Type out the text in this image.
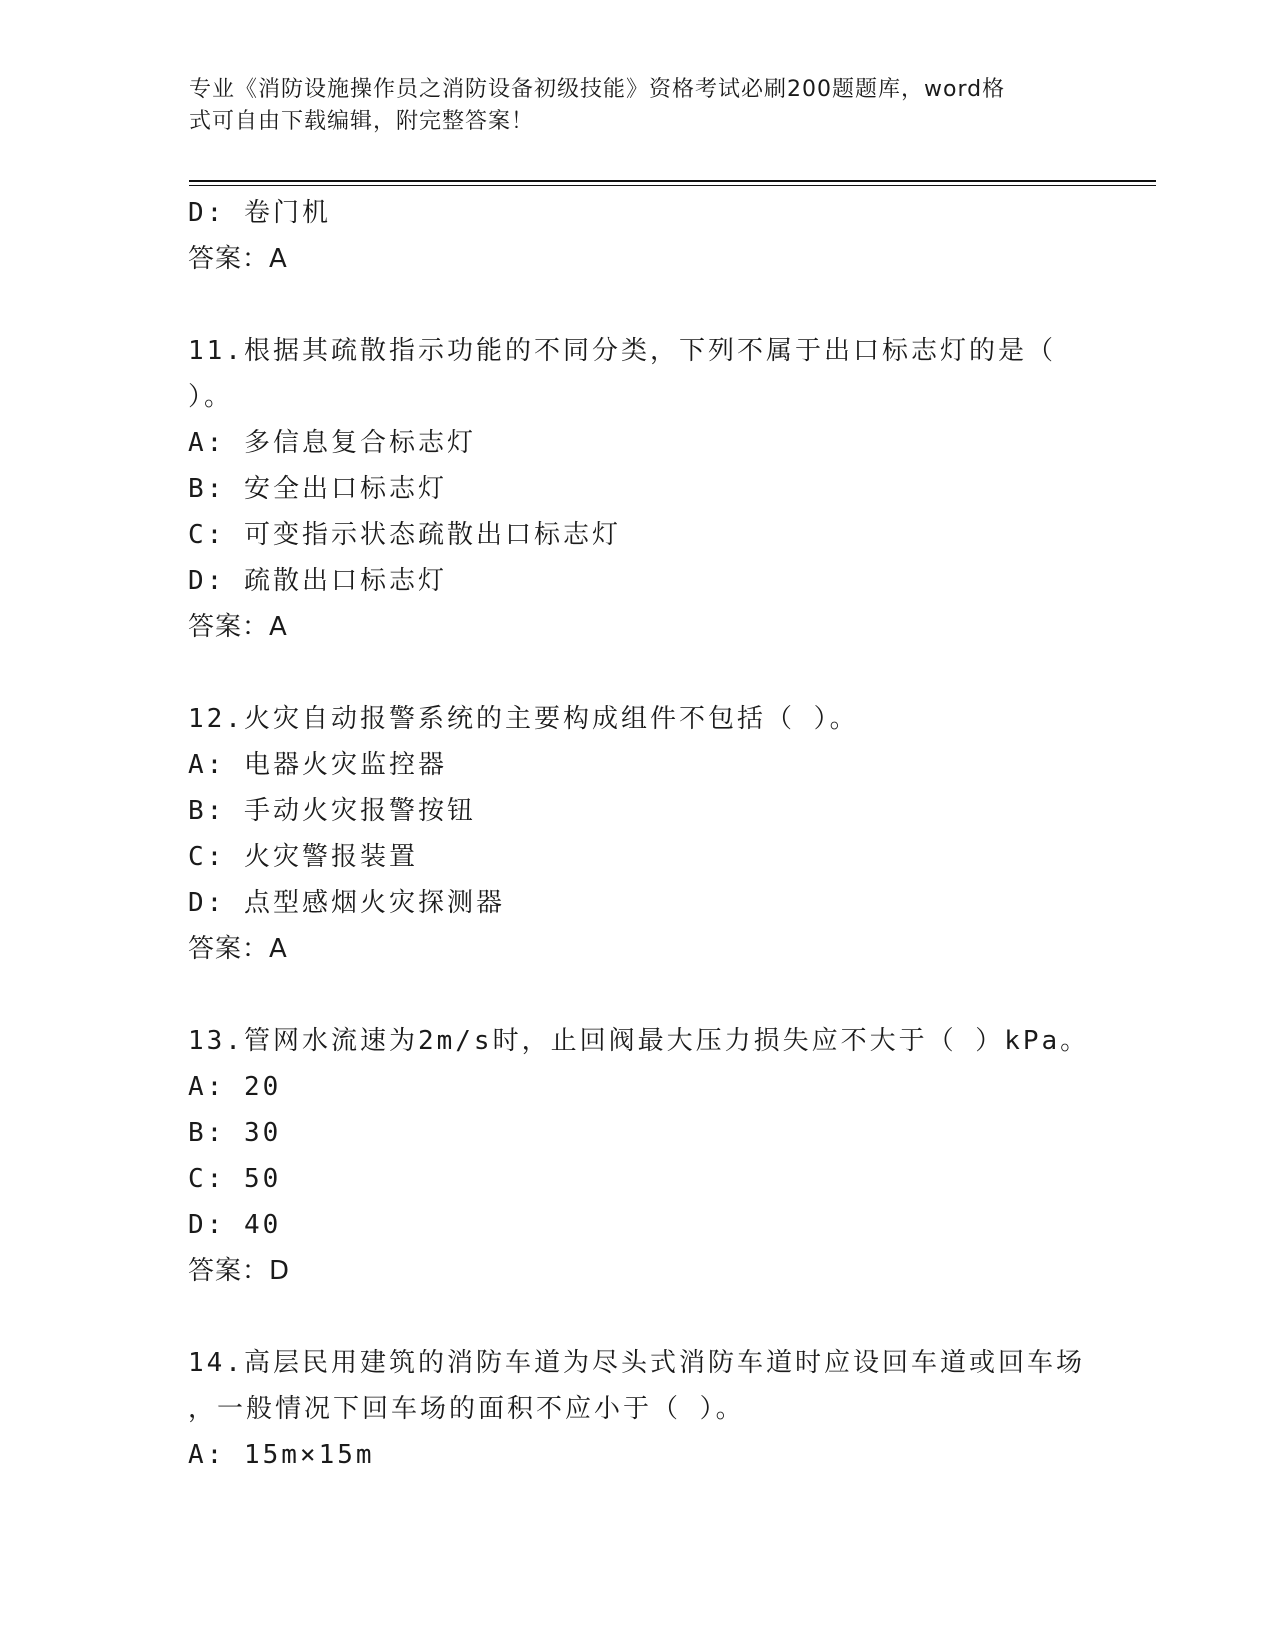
专业《消防设施操作员之消防设备初级技能》资格考试必刷200题题库，word格
式可自由下载编辑，附完整答案！
D: 卷门机
答案：A
11.根据其疏散指示功能的不同分类，下列不属于出口标志灯的是（
）。
A: 多信息复合标志灯
B: 安全出口标志灯
C: 可变指示状态疏散出口标志灯
D: 疏散出口标志灯
答案：A
12.火灾自动报警系统的主要构成组件不包括（ ）。
A: 电器火灾监控器
B: 手动火灾报警按钮
C: 火灾警报装置
D: 点型感烟火灾探测器
答案：A
13.管网水流速为2m/s时，止回阀最大压力损失应不大于（ ）kPa。
A: 20
B: 30
C: 50
D: 40
答案：D
14.高层民用建筑的消防车道为尽头式消防车道时应设回车道或回车场
，一般情况下回车场的面积不应小于（ ）。
A: 15m×15m
